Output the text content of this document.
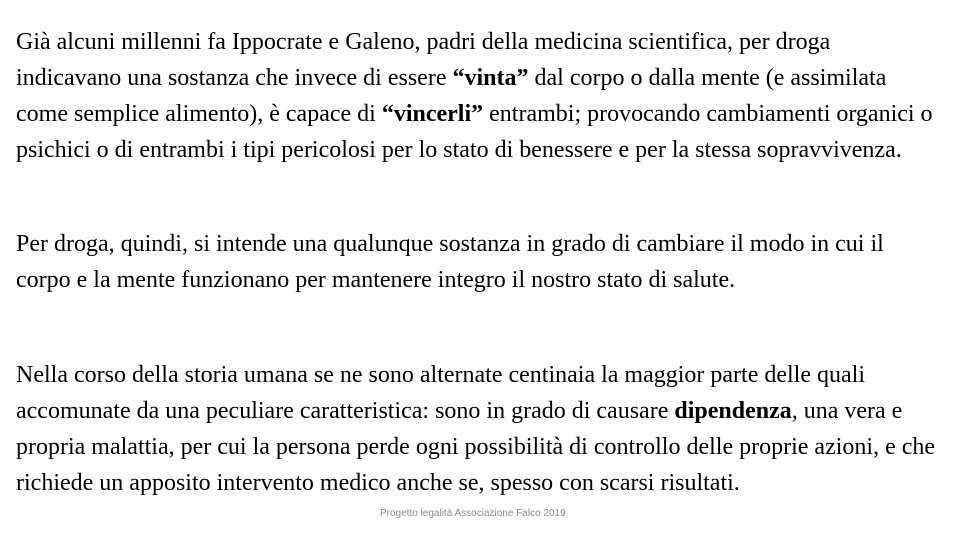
Già alcuni millenni fa Ippocrate e Galeno, padri della medicina scientifica, per droga indicavano una sostanza che invece di essere “vinta” dal corpo o dalla mente (e assimilata come semplice alimento), è capace di “vincerli” entrambi; provocando cambiamenti organici o psichici o di entrambi i tipi pericolosi per lo stato di benessere e per la stessa sopravvivenza.

Per droga, quindi, si intende una qualunque sostanza in grado di cambiare il modo in cui il corpo e la mente funzionano per mantenere integro il nostro stato di salute.

Nella corso della storia umana se ne sono alternate centinaia la maggior parte delle quali accomunate da una peculiare caratteristica: sono in grado di causare dipendenza, una vera e propria malattia, per cui la persona perde ogni possibilità di controllo delle proprie azioni, e che richiede un apposito intervento medico anche se, spesso con scarsi risultati.

Progetto legalità Associazione Falco 2019
